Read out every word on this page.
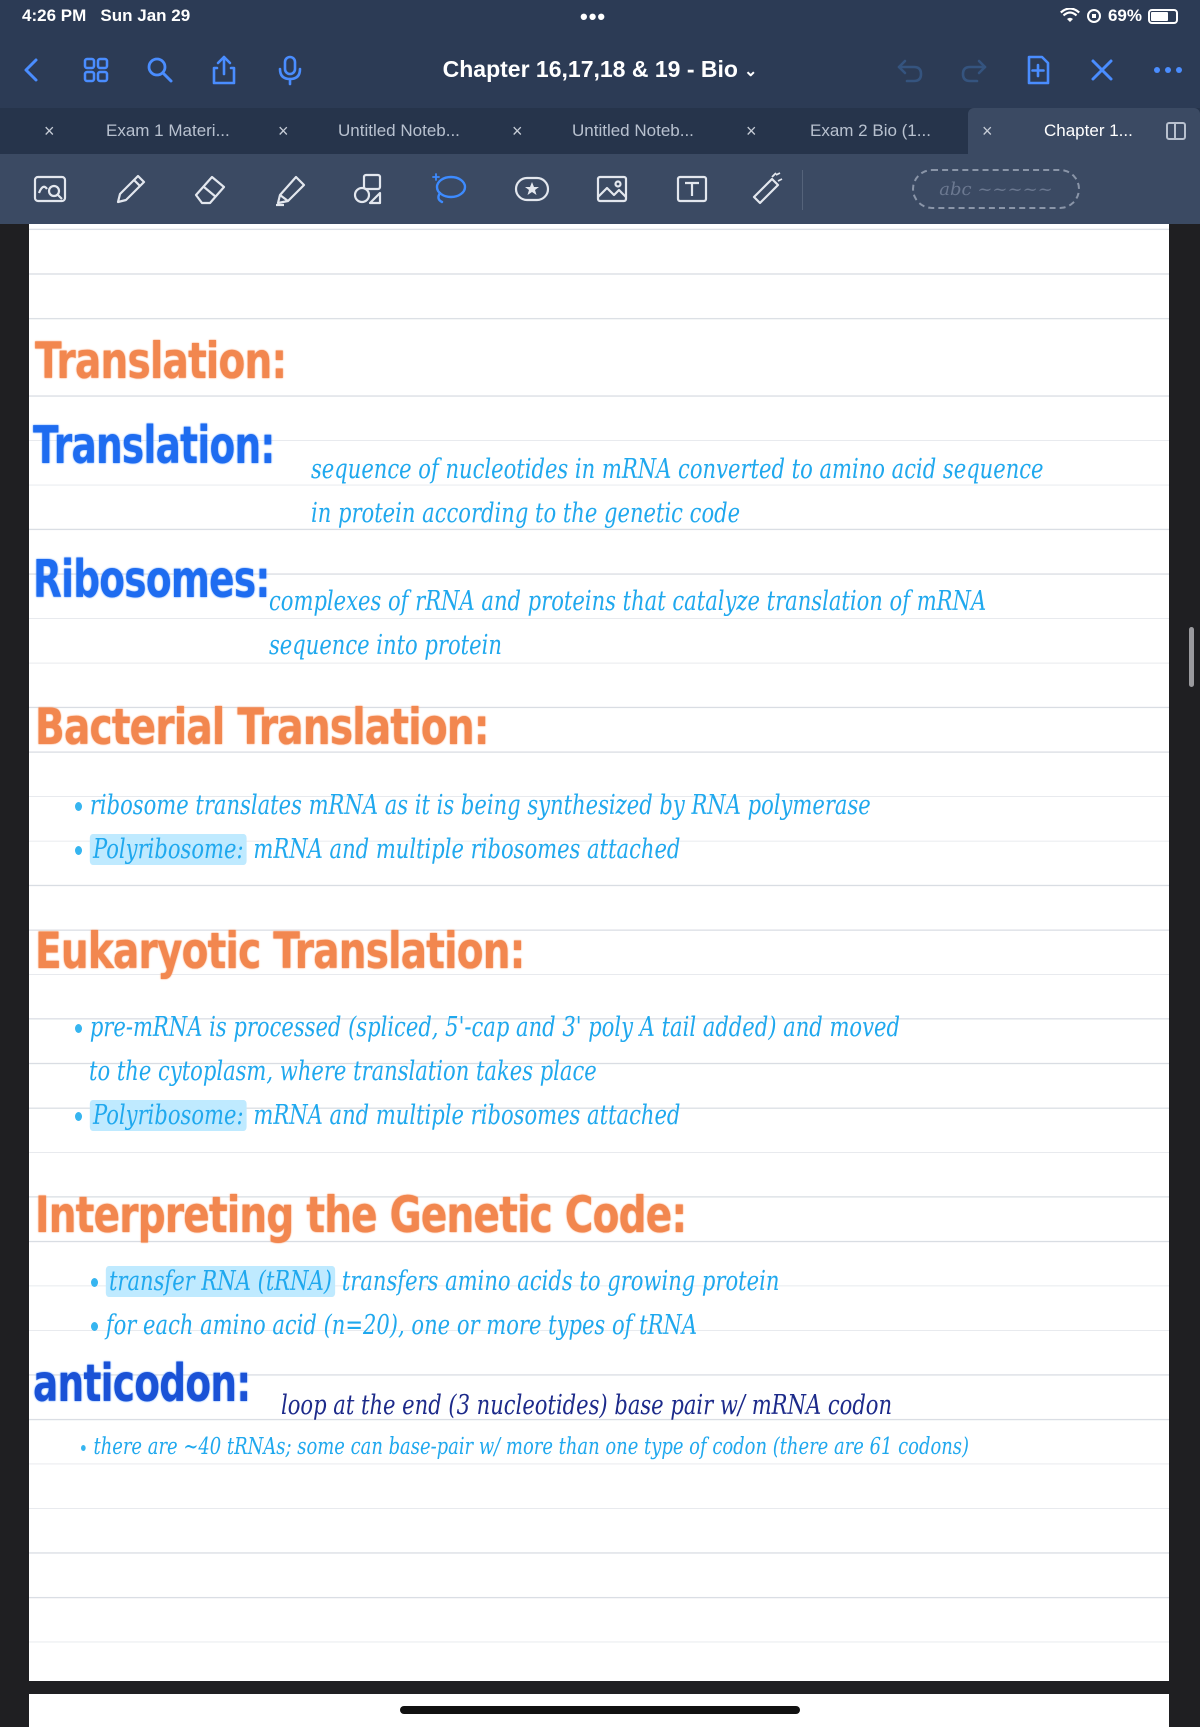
4:26 PM Sun Jan 29	•••	69%
Chapter 16,17,18 & 19 - Bio ⌄
×	Exam 1 Materi...	×	Untitled Noteb...	×	Untitled Noteb...	×	Exam 2 Bio (1...	×	Chapter 1...
abc ~~~~~
Translation:
Translation: sequence of nucleotides in mRNA converted to amino acid sequence
in protein according to the genetic code
Ribosomes: complexes of rRNA and proteins that catalyze translation of mRNA
sequence into protein
Bacterial Translation:
ribosome translates mRNA as it is being synthesized by RNA polymerase
Polyribosome: mRNA and multiple ribosomes attached
Eukaryotic Translation:
pre-mRNA is processed (spliced, 5'-cap and 3' poly A tail added) and moved
to the cytoplasm, where translation takes place
Polyribosome: mRNA and multiple ribosomes attached
Interpreting the Genetic Code:
transfer RNA (tRNA) transfers amino acids to growing protein
for each amino acid (n=20), one or more types of tRNA
anticodon: loop at the end (3 nucleotides) base pair w/ mRNA codon
there are ~40 tRNAs; some can base-pair w/ more than one type of codon (there are 61 codons)
